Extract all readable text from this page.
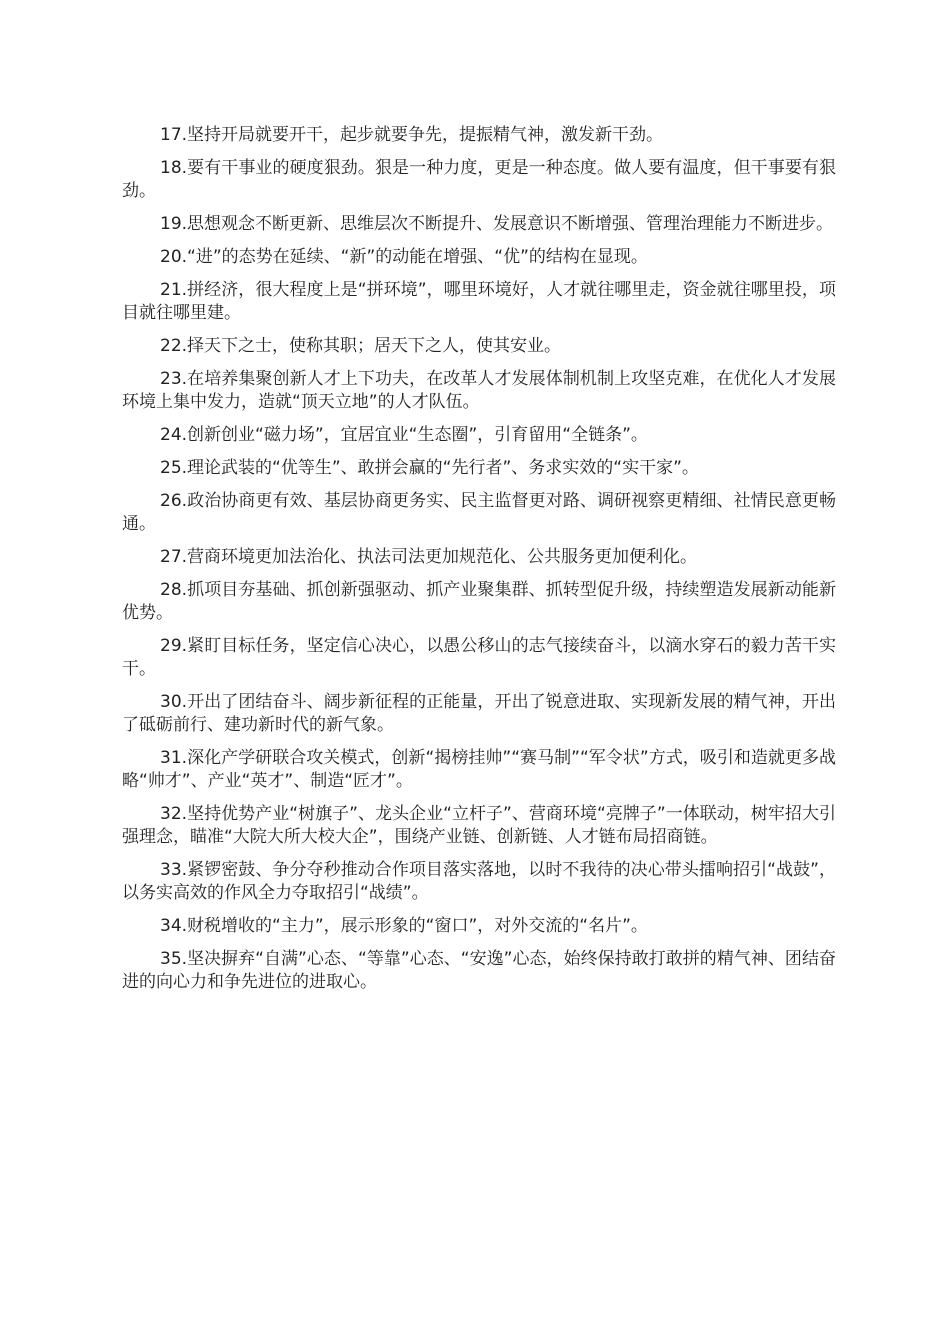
17.坚持开局就要开干，起步就要争先，提振精气神，激发新干劲。

18.要有干事业的硬度狠劲。狠是一种力度，更是一种态度。做人要有温度，但干事要有狠劲。

19.思想观念不断更新、思维层次不断提升、发展意识不断增强、管理治理能力不断进步。

20.“进”的态势在延续、“新”的动能在增强、“优”的结构在显现。

21.拼经济，很大程度上是“拼环境”，哪里环境好，人才就往哪里走，资金就往哪里投，项目就往哪里建。

22.择天下之士，使称其职；居天下之人，使其安业。

23.在培养集聚创新人才上下功夫，在改革人才发展体制机制上攻坚克难，在优化人才发展环境上集中发力，造就“顶天立地”的人才队伍。

24.创新创业“磁力场”，宜居宜业“生态圈”，引育留用“全链条”。

25.理论武装的“优等生”、敢拼会赢的“先行者”、务求实效的“实干家”。

26.政治协商更有效、基层协商更务实、民主监督更对路、调研视察更精细、社情民意更畅通。

27.营商环境更加法治化、执法司法更加规范化、公共服务更加便利化。

28.抓项目夯基础、抓创新强驱动、抓产业聚集群、抓转型促升级，持续塑造发展新动能新优势。

29.紧盯目标任务，坚定信心决心，以愚公移山的志气接续奋斗，以滴水穿石的毅力苦干实干。

30.开出了团结奋斗、阔步新征程的正能量，开出了锐意进取、实现新发展的精气神，开出了砥砺前行、建功新时代的新气象。

31.深化产学研联合攻关模式，创新“揭榜挂帅”“赛马制”“军令状”方式，吸引和造就更多战略“帅才”、产业“英才”、制造“匠才”。

32.坚持优势产业“树旗子”、龙头企业“立杆子”、营商环境“亮牌子”一体联动，树牢招大引强理念，瞄准“大院大所大校大企”，围绕产业链、创新链、人才链布局招商链。

33.紧锣密鼓、争分夺秒推动合作项目落实落地，以时不我待的决心带头擂响招引“战鼓”，以务实高效的作风全力夺取招引“战绩”。

34.财税增收的“主力”，展示形象的“窗口”，对外交流的“名片”。

35.坚决摒弃“自满”心态、“等靠”心态、“安逸”心态，始终保持敢打敢拼的精气神、团结奋进的向心力和争先进位的进取心。
